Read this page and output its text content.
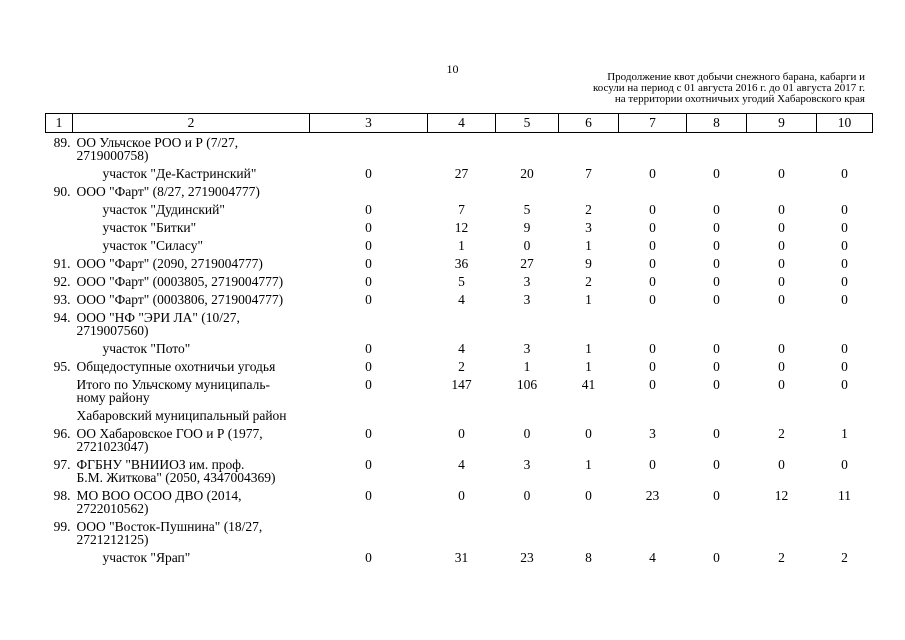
10
Продолжение квот добычи снежного барана, кабарги и
косули на период с 01 августа 2016 г. до 01 августа 2017 г.
на территории охотничьих угодий Хабаровского края
1	2	3	4	5	6	7	8	9	10
89.	ОО Ульчское РОО и Р (7/27,
2719000758)								

	участок "Де-Кастринский"	0	27	20	7	0	0	0	0
90.	ООО "Фарт" (8/27, 2719004777)								

	участок "Дудинский"	0	7	5	2	0	0	0	0

	участок "Битки"	0	12	9	3	0	0	0	0

	участок "Силасу"	0	1	0	1	0	0	0	0
91.	ООО "Фарт" (2090, 2719004777)	0	36	27	9	0	0	0	0
92.	ООО "Фарт" (0003805, 2719004777)	0	5	3	2	0	0	0	0
93.	ООО "Фарт" (0003806, 2719004777)	0	4	3	1	0	0	0	0
94.	ООО "НФ "ЭРИ ЛА" (10/27,
2719007560)								

	участок "Пото"	0	4	3	1	0	0	0	0
95.	Общедоступные охотничьи угодья	0	2	1	1	0	0	0	0

	Итого по Ульчскому муниципаль-
ному району	0	147	106	41	0	0	0	0

	Хабаровский муниципальный район								

96.	ОО Хабаровское ГОО и Р (1977,
2721023047)	0	0	0	0	3	0	2	1
97.	ФГБНУ "ВНИИОЗ им. проф.
Б.М. Житкова" (2050, 4347004369)	0	4	3	1	0	0	0	0
98.	МО ВОО ОСОО ДВО (2014,
2722010562)	0	0	0	0	23	0	12	11
99.	ООО "Восток-Пушнина" (18/27,
2721212125)								

	участок "Ярап"	0	31	23	8	4	0	2	2
